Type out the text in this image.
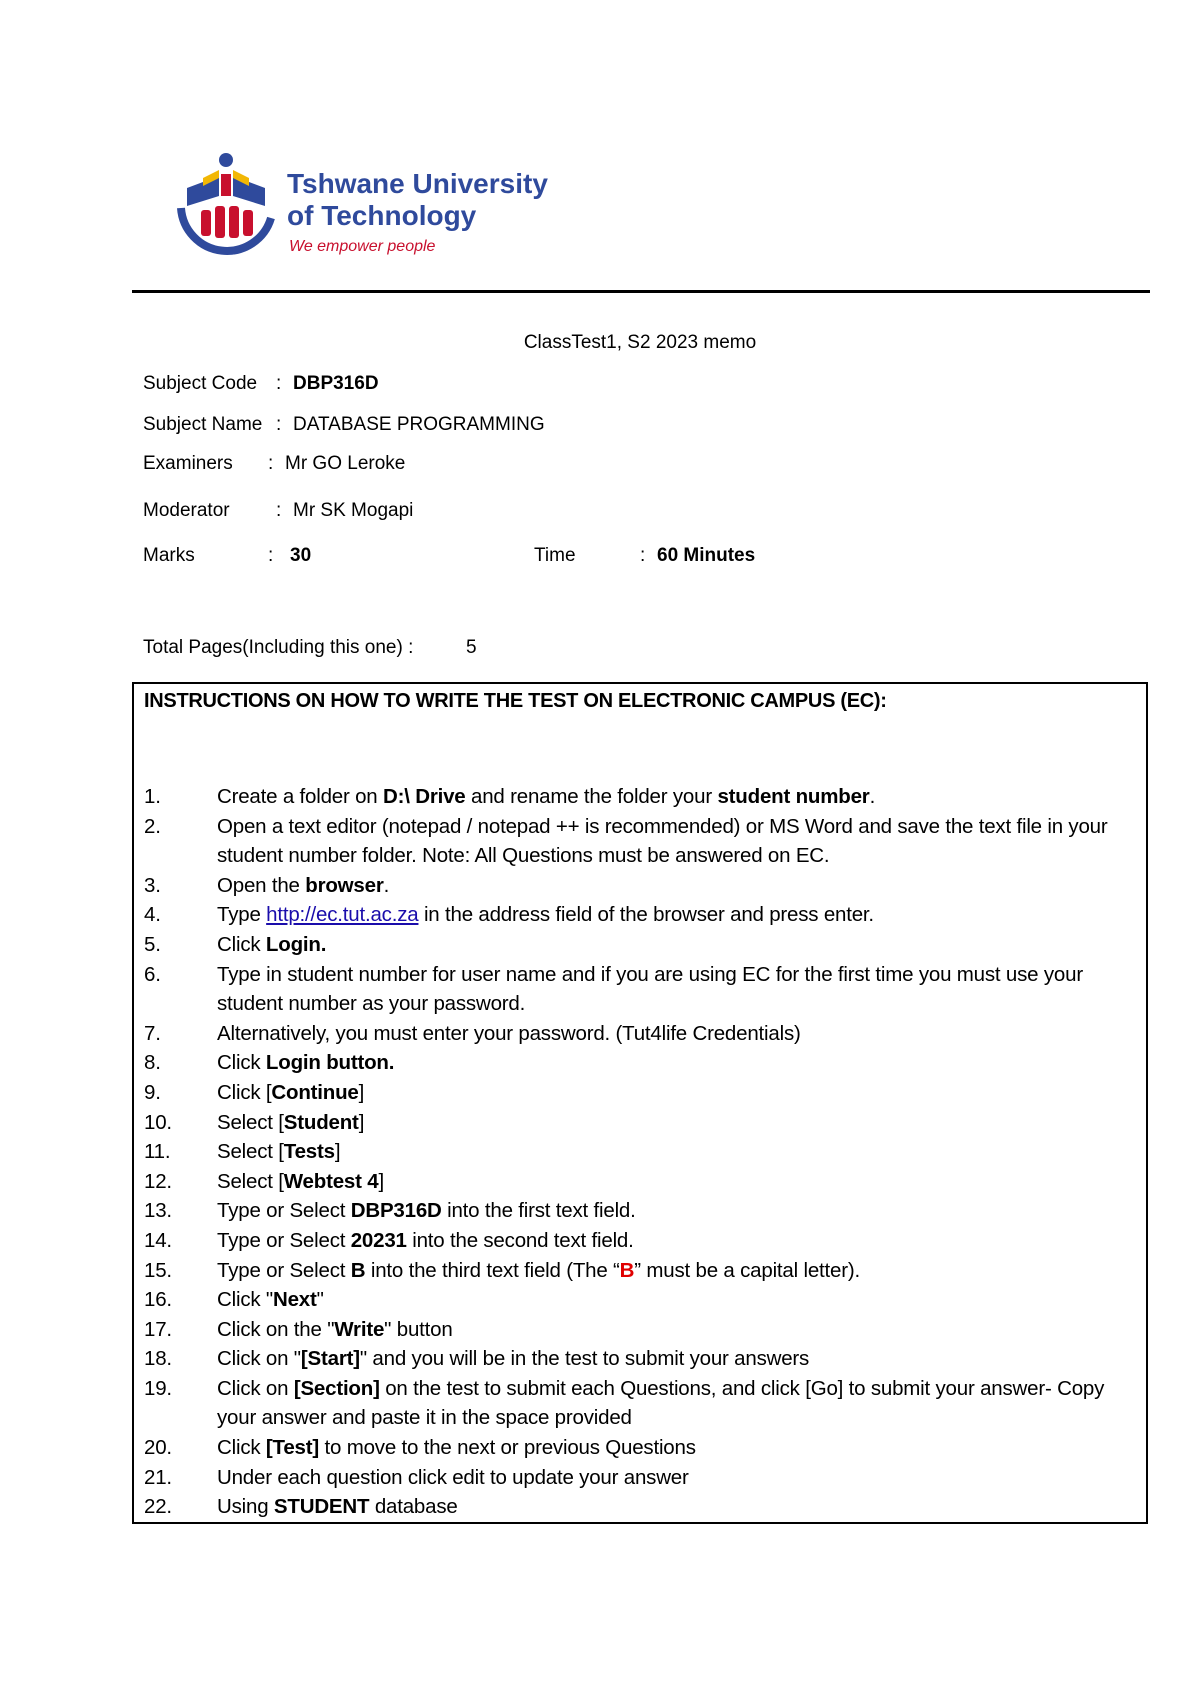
Tshwane University
of Technology
We empower people
ClassTest1, S2 2023 memo
Subject Code : DBP316D
Subject Name : DATABASE PROGRAMMING
Examiners : Mr GO Leroke
Moderator : Mr SK Mogapi
Marks	: 30	Time	: 60 Minutes
Total Pages(Including this one) :	5
INSTRUCTIONS ON HOW TO WRITE THE TEST ON ELECTRONIC CAMPUS (EC):
1.	Create a folder on D:\ Drive and rename the folder your student number.
2.	Open a text editor (notepad / notepad ++ is recommended) or MS Word and save the text file in your student number folder. Note: All Questions must be answered on EC.
3.	Open the browser.
4.	Type http://ec.tut.ac.za in the address field of the browser and press enter.
5.	Click Login.
6.	Type in student number for user name and if you are using EC for the first time you must use your student number as your password.
7.	Alternatively, you must enter your password. (Tut4life Credentials)
8.	Click Login button.
9.	Click [Continue]
10. Select [Student]
11. Select [Tests]
12. Select [Webtest 4]
13. Type or Select DBP316D into the first text field.
14. Type or Select 20231 into the second text field.
15. Type or Select B into the third text field (The “B” must be a capital letter).
16. Click "Next"
17. Click on the "Write" button
18. Click on "[Start]" and you will be in the test to submit your answers
19. Click on [Section] on the test to submit each Questions, and click [Go] to submit your answer- Copy your answer and paste it in the space provided
20. Click [Test] to move to the next or previous Questions
21. Under each question click edit to update your answer
22. Using STUDENT database
